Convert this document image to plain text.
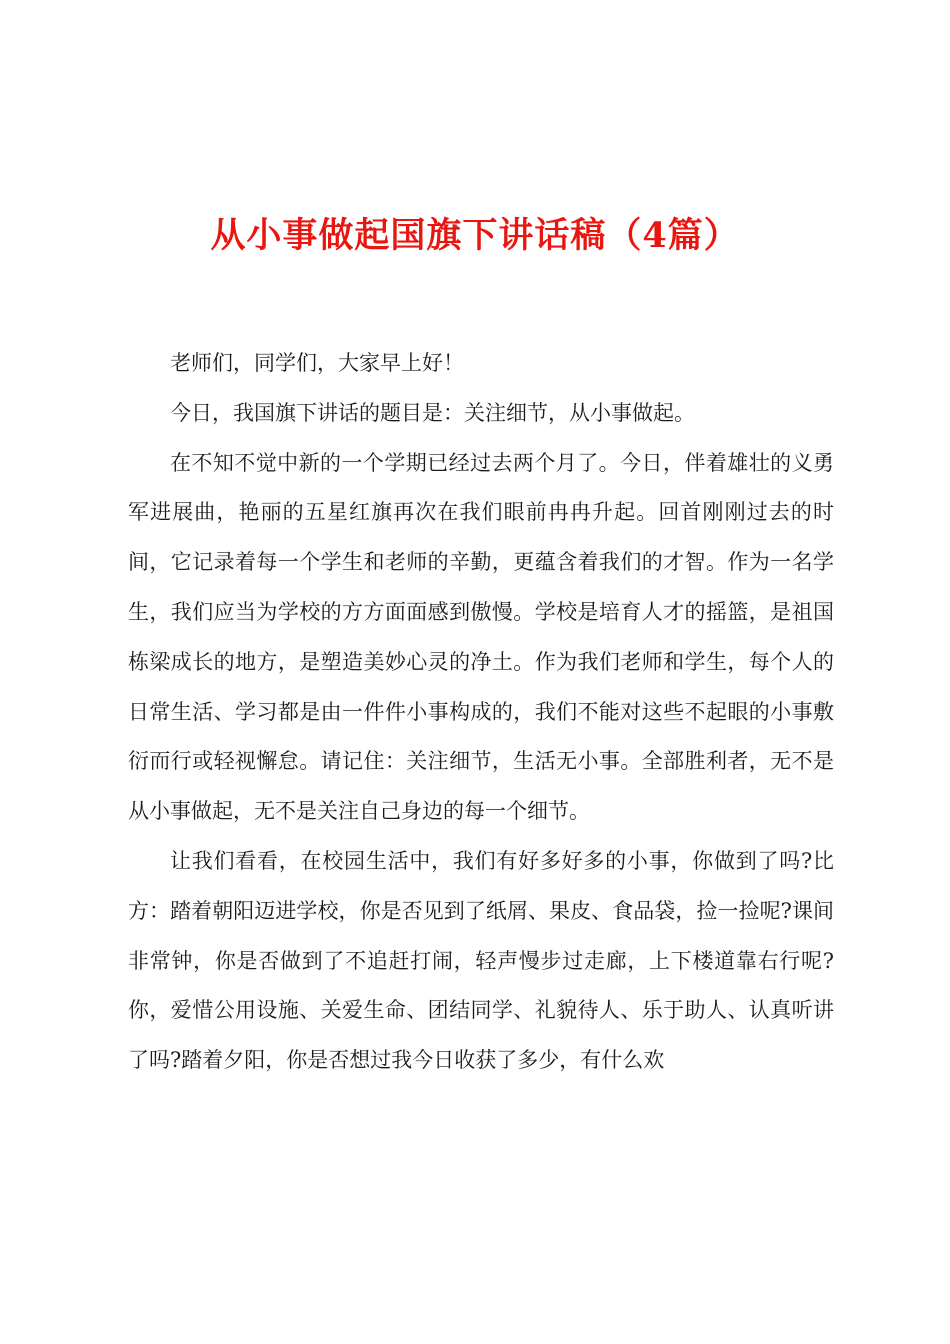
从小事做起国旗下讲话稿（4篇）

老师们，同学们，大家早上好！

今日，我国旗下讲话的题目是：关注细节，从小事做起。

在不知不觉中新的一个学期已经过去两个月了。今日，伴着雄壮的义勇军进展曲，艳丽的五星红旗再次在我们眼前冉冉升起。回首刚刚过去的时间，它记录着每一个学生和老师的辛勤，更蕴含着我们的才智。作为一名学生，我们应当为学校的方方面面感到傲慢。学校是培育人才的摇篮，是祖国栋梁成长的地方，是塑造美妙心灵的净土。作为我们老师和学生，每个人的日常生活、学习都是由一件件小事构成的，我们不能对这些不起眼的小事敷衍而行或轻视懈怠。请记住：关注细节，生活无小事。全部胜利者，无不是从小事做起，无不是关注自己身边的每一个细节。

让我们看看，在校园生活中，我们有好多好多的小事，你做到了吗?比方：踏着朝阳迈进学校，你是否见到了纸屑、果皮、食品袋，捡一捡呢?课间非常钟，你是否做到了不追赶打闹，轻声慢步过走廊，上下楼道靠右行呢?你，爱惜公用设施、关爱生命、团结同学、礼貌待人、乐于助人、认真听讲了吗?踏着夕阳，你是否想过我今日收获了多少，有什么欢
